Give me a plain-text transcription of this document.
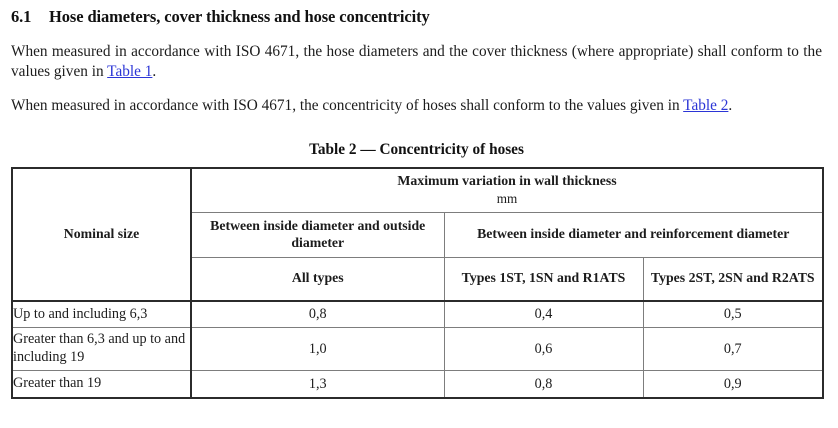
6.1 Hose diameters, cover thickness and hose concentricity

When measured in accordance with ISO 4671, the hose diameters and the cover thickness (where appropriate) shall conform to the values given in Table 1.

When measured in accordance with ISO 4671, the concentricity of hoses shall conform to the values given in Table 2.

Table 2 — Concentricity of hoses

Nominal size	Maximum variation in wall thickness
mm		

	Between inside diameter and outside diameter	Between inside diameter and reinforcement diameter	
	All types	Types 1ST, 1SN and R1ATS	Types 2ST, 2SN and R2ATS
Up to and including 6,3	0,8	0,4	0,5
Greater than 6,3 and up to and including 19	1,0	0,6	0,7
Greater than 19	1,3	0,8	0,9
